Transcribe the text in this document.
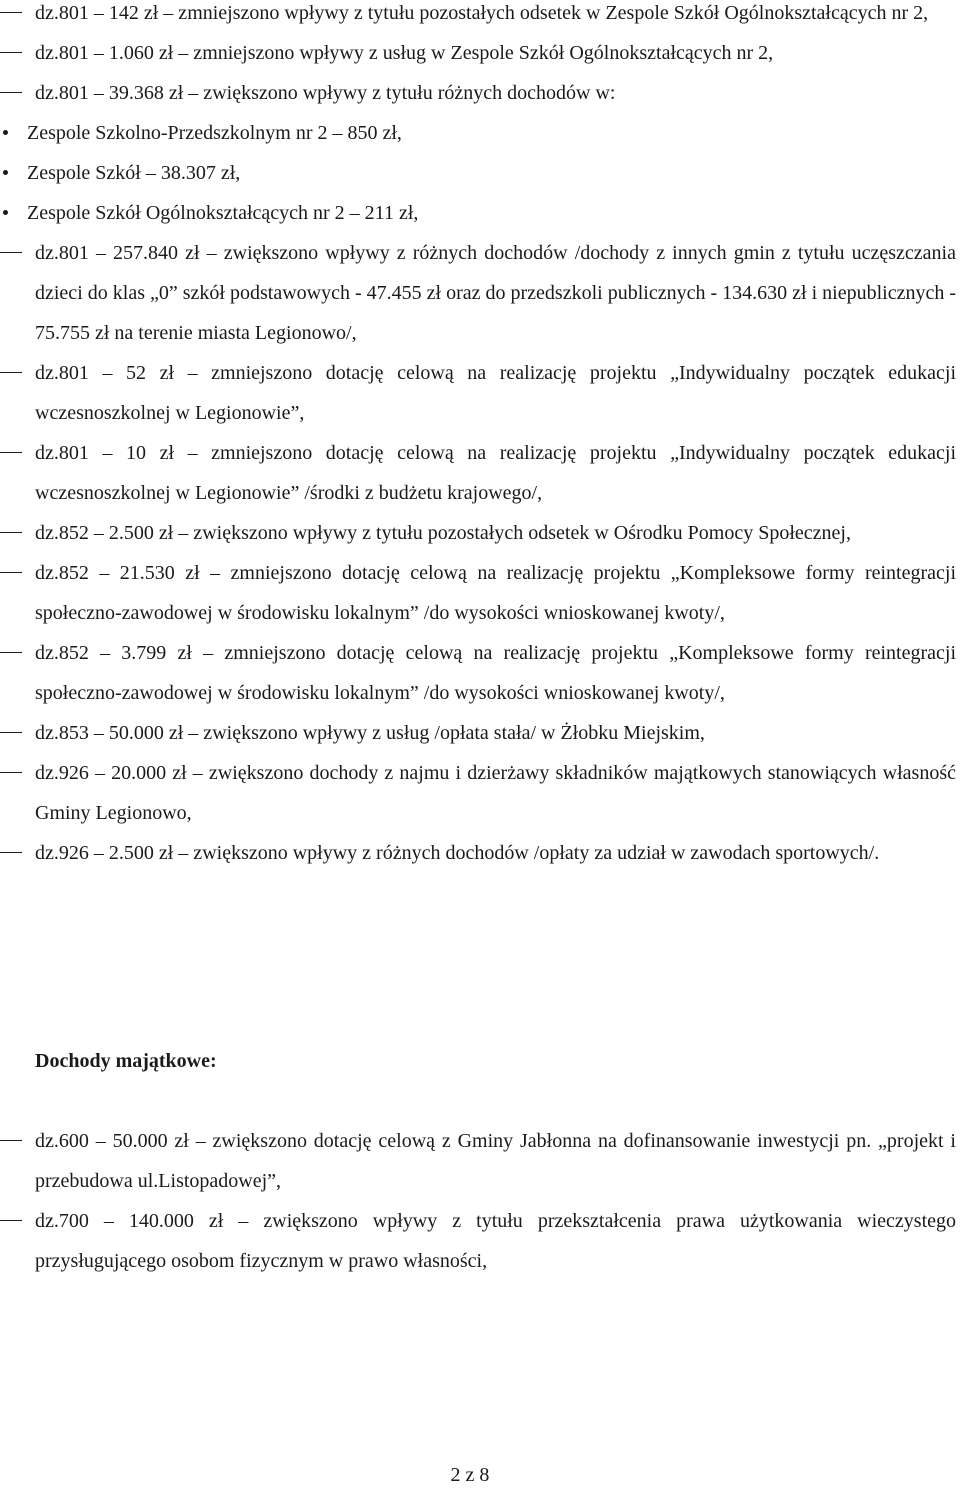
dz.801 – 142 zł – zmniejszono wpływy z tytułu pozostałych odsetek w Zespole Szkół Ogólnokształcących nr 2,
dz.801 – 1.060 zł – zmniejszono wpływy z usług w Zespole Szkół Ogólnokształcących nr 2,
dz.801 – 39.368 zł – zwiększono wpływy z tytułu różnych dochodów w:
Zespole Szkolno-Przedszkolnym nr 2 – 850 zł,
Zespole Szkół – 38.307 zł,
Zespole Szkół Ogólnokształcących nr 2 – 211 zł,
dz.801 – 257.840 zł – zwiększono wpływy z różnych dochodów /dochody z innych gmin z tytułu uczęszczania dzieci do klas „0” szkół podstawowych - 47.455 zł oraz do przedszkoli publicznych - 134.630 zł i niepublicznych - 75.755 zł na terenie miasta Legionowo/,
dz.801 – 52 zł – zmniejszono dotację celową na realizację projektu „Indywidualny początek edukacji wczesnoszkolnej w Legionowie”,
dz.801 – 10 zł – zmniejszono dotację celową na realizację projektu „Indywidualny początek edukacji wczesnoszkolnej w Legionowie” /środki z budżetu krajowego/,
dz.852 – 2.500 zł – zwiększono wpływy z tytułu pozostałych odsetek w Ośrodku Pomocy Społecznej,
dz.852 – 21.530 zł – zmniejszono dotację celową na realizację projektu „Kompleksowe formy reintegracji społeczno-zawodowej w środowisku lokalnym” /do wysokości wnioskowanej kwoty/,
dz.852 – 3.799 zł – zmniejszono dotację celową na realizację projektu „Kompleksowe formy reintegracji społeczno-zawodowej w środowisku lokalnym” /do wysokości wnioskowanej kwoty/,
dz.853 – 50.000 zł – zwiększono wpływy z usług /opłata stała/ w Żłobku Miejskim,
dz.926 – 20.000 zł – zwiększono dochody z najmu i dzierżawy składników majątkowych stanowiących własność Gminy Legionowo,
dz.926 – 2.500 zł – zwiększono wpływy z różnych dochodów /opłaty za udział w zawodach sportowych/.
Dochody majątkowe:
dz.600 – 50.000 zł – zwiększono dotację celową z Gminy Jabłonna na dofinansowanie inwestycji pn. „projekt i przebudowa ul.Listopadowej”,
dz.700 – 140.000 zł – zwiększono wpływy z tytułu przekształcenia prawa użytkowania wieczystego przysługującego osobom fizycznym w prawo własności,
2 z 8
